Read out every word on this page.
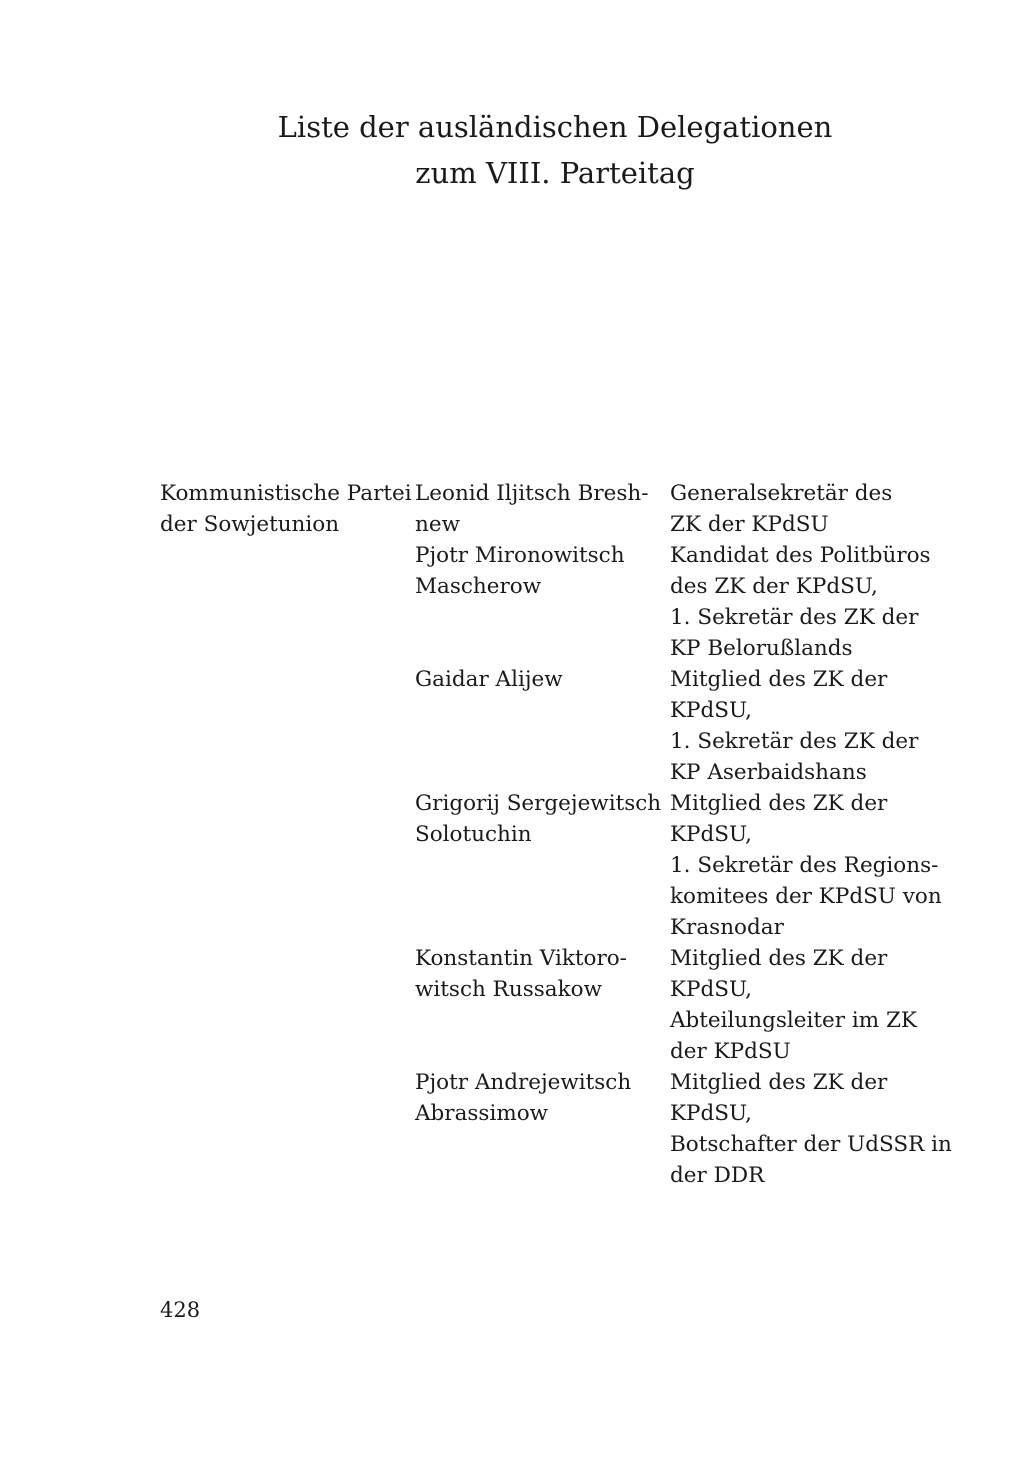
Liste der ausländischen Delegationen
zum VIII. Parteitag
Kommunistische Partei
der Sowjetunion
Leonid Iljitsch Bresh-
new
Generalsekretär des
ZK der KPdSU
Pjotr Mironowitsch
Mascherow
Kandidat des Politbüros
des ZK der KPdSU,
1. Sekretär des ZK der
KP Belorußlands
Gaidar Alijew	Mitglied des ZK der
KPdSU,
1. Sekretär des ZK der
KP Aserbaidshans
Grigorij Sergejewitsch
Solotuchin
Mitglied des ZK der
KPdSU,
1. Sekretär des Regions-
komitees der KPdSU von
Krasnodar
Konstantin Viktoro-
witsch Russakow
Mitglied des ZK der
KPdSU,
Abteilungsleiter im ZK
der KPdSU
Pjotr Andrejewitsch
Abrassimow
Mitglied des ZK der
KPdSU,
Botschafter der UdSSR in
der DDR
428
